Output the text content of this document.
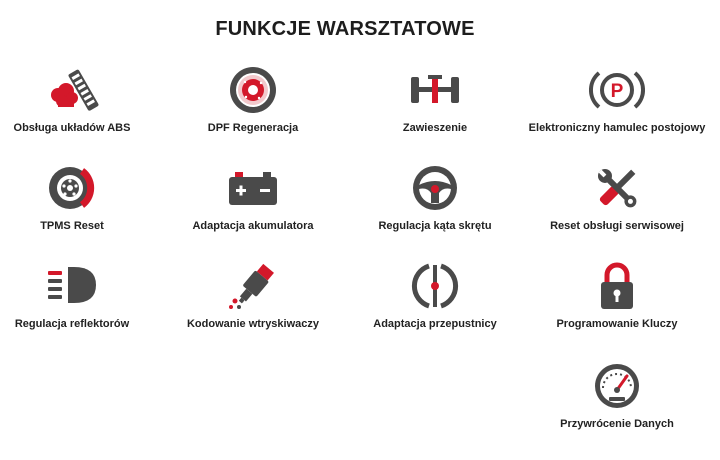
FUNKCJE WARSZTATOWE
Obsługa układów ABS	DPF Regeneracja	Zawieszenie
P
Elektroniczny hamulec postojowy
TPMS Reset	Adaptacja akumulatora	Regulacja kąta skrętu	Reset obsługi serwisowej
Regulacja reflektorów	Kodowanie wtryskiwaczy	Adaptacja przepustnicy	Programowanie Kluczy
Przywrócenie Danych
